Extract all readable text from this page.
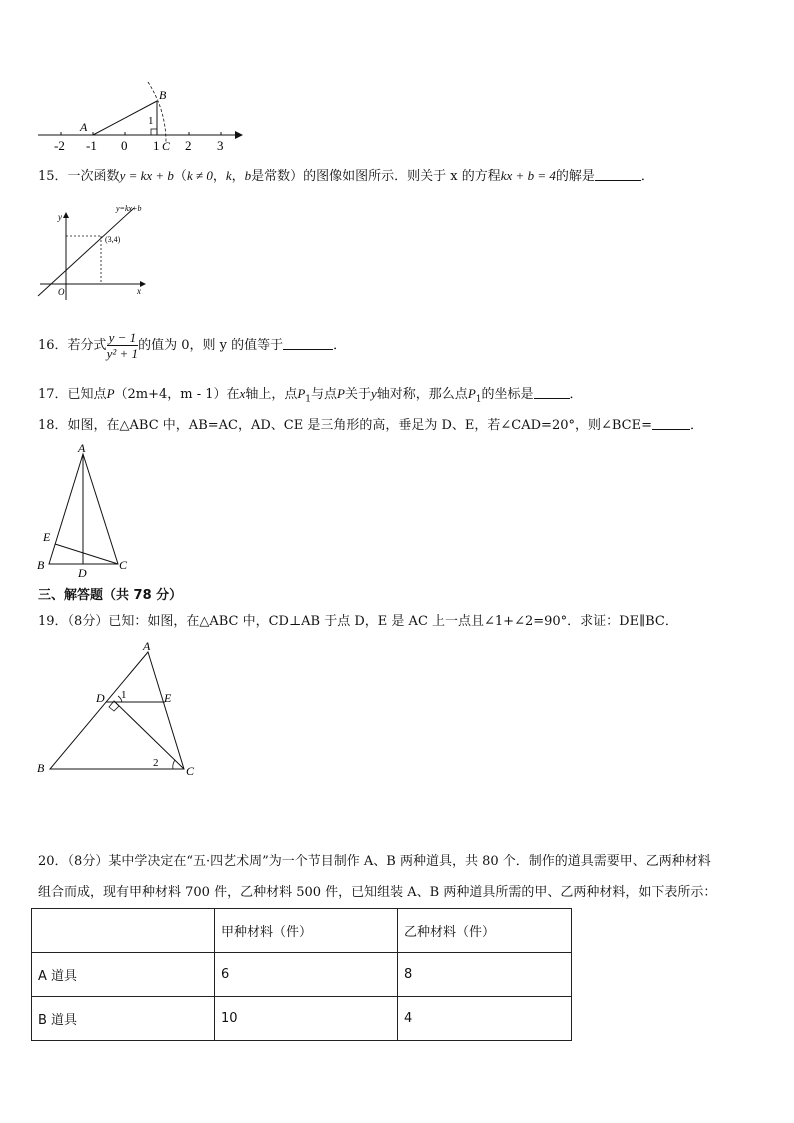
-2 -1 0 1 2 3
A
B
C
1
15．一次函数y = kx + b（k ≠ 0，k，b是常数）的图像如图所示．则关于 x 的方程kx + b = 4的解是	．
y=kx+b
(3,4)
y
x
O
16．若分式 $\frac{y - 1}{\text{y² + 1}}$ 的值为 0，则 y 的值等于	．
17．已知点P（2m+4，m - 1）在x轴上，点$P_1$与点P关于y轴对称，那么点$P_1$的坐标是	．
18．如图，在△ABC 中，AB=AC，AD、CE 是三角形的高，垂足为 D、E，若∠CAD=20°，则∠BCE=	．
A
B	C
D
E
三、解答题（共 78 分）
19．（8分）已知：如图，在△ABC 中，CD⊥AB 于点 D，E 是 AC 上一点且∠1+∠2=90°．求证：DE∥BC．
A
B	C
D	E
1
2
20．（8分）某中学决定在“五·四艺术周”为一个节目制作 A、B 两种道具，共 80 个．制作的道具需要甲、乙两种材料
组合而成，现有甲种材料 700 件，乙种材料 500 件，已知组装 A、B 两种道具所需的甲、乙两种材料，如下表所示：
	甲种材料（件）	乙种材料（件）
A 道具	6	8
B 道具	10	4
